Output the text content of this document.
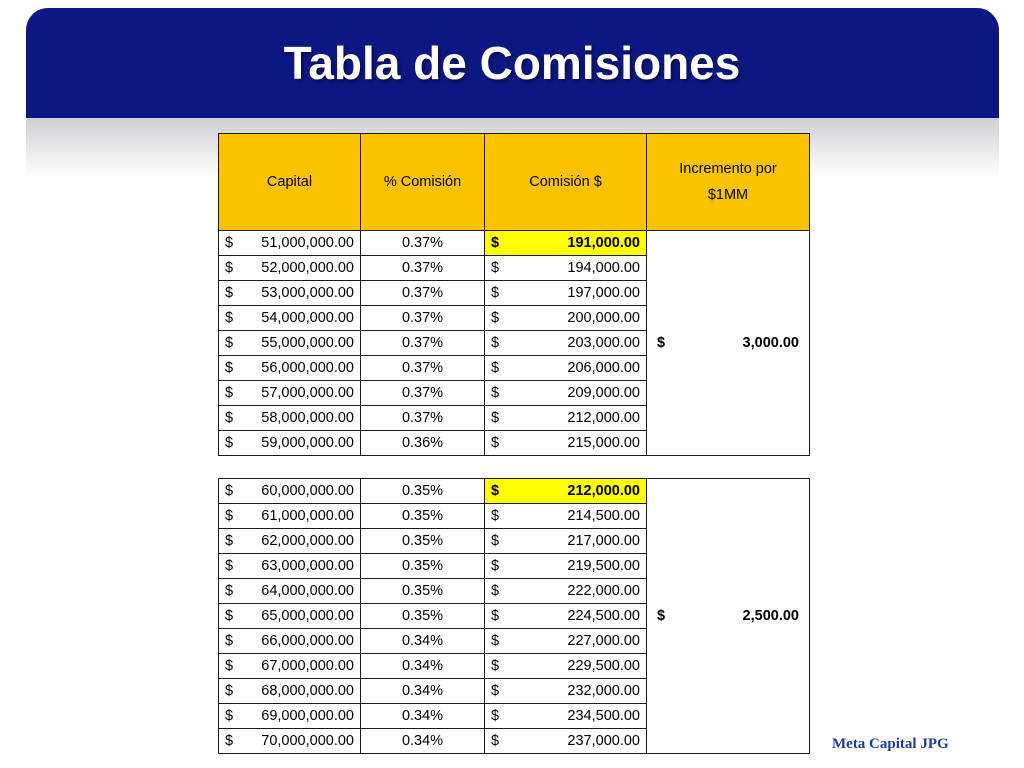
Tabla de Comisiones
Capital	% Comisión	Comisión $	Incremento por $1MM

$ 51,000,000.00	0.37%	$ 191,000.00	$ 3,000.00

$ 52,000,000.00	0.37%	$ 194,000.00	

$ 53,000,000.00	0.37%	$ 197,000.00	

$ 54,000,000.00	0.37%	$ 200,000.00	

$ 55,000,000.00	0.37%	$ 203,000.00	

$ 56,000,000.00	0.37%	$ 206,000.00	

$ 57,000,000.00	0.37%	$ 209,000.00	

$ 58,000,000.00	0.37%	$ 212,000.00	

$ 59,000,000.00	0.36%	$ 215,000.00	
$ 60,000,000.00	0.35%	$ 212,000.00	$ 2,500.00

$ 61,000,000.00	0.35%	$ 214,500.00	

$ 62,000,000.00	0.35%	$ 217,000.00	

$ 63,000,000.00	0.35%	$ 219,500.00	

$ 64,000,000.00	0.35%	$ 222,000.00	

$ 65,000,000.00	0.35%	$ 224,500.00	

$ 66,000,000.00	0.34%	$ 227,000.00	

$ 67,000,000.00	0.34%	$ 229,500.00	

$ 68,000,000.00	0.34%	$ 232,000.00	

$ 69,000,000.00	0.34%	$ 234,500.00	

$ 70,000,000.00	0.34%	$ 237,000.00		Meta Capital JPG
